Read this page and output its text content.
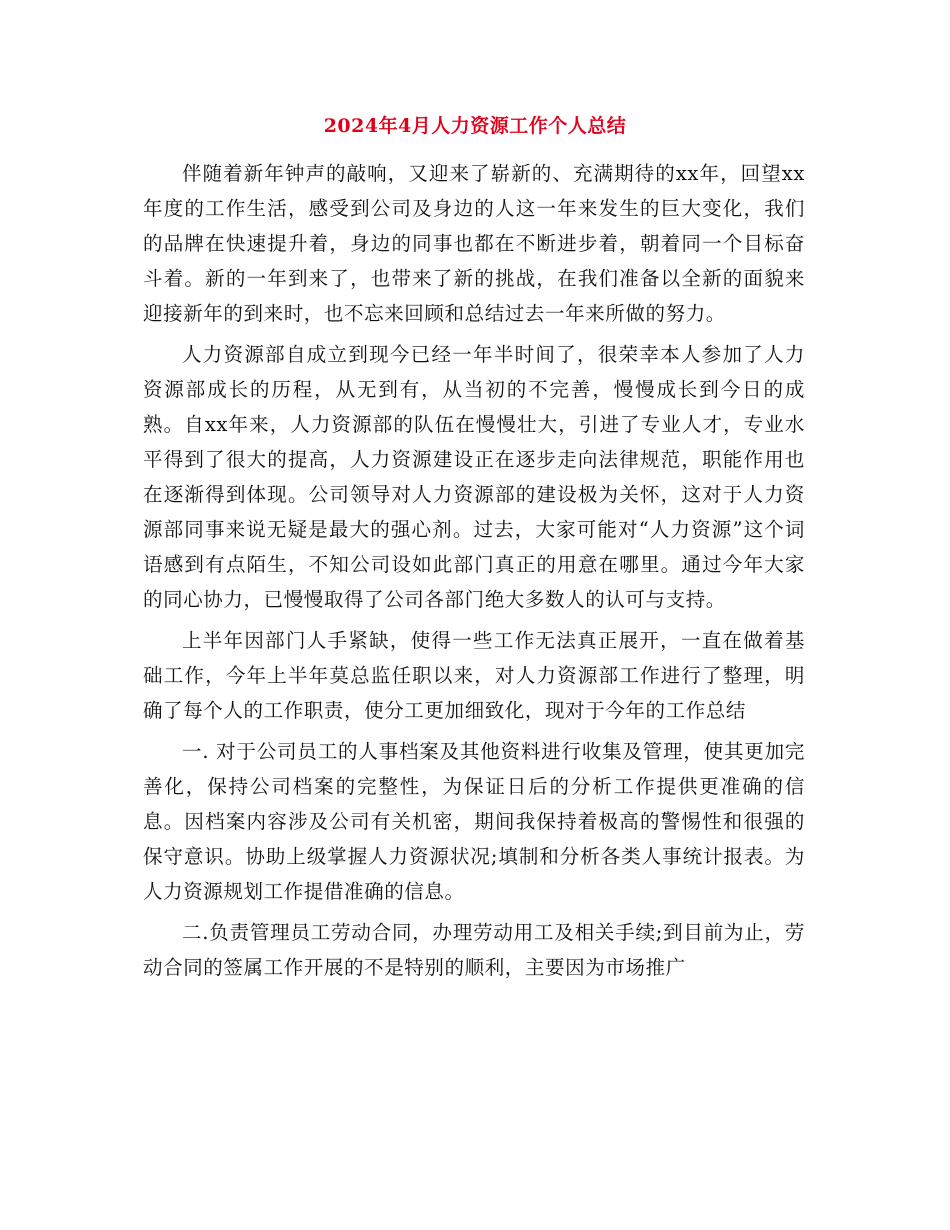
2024年4月人力资源工作个人总结

伴随着新年钟声的敲响，又迎来了崭新的、充满期待的xx年，回望xx年度的工作生活，感受到公司及身边的人这一年来发生的巨大变化，我们的品牌在快速提升着，身边的同事也都在不断进步着，朝着同一个目标奋斗着。新的一年到来了，也带来了新的挑战，在我们准备以全新的面貌来迎接新年的到来时，也不忘来回顾和总结过去一年来所做的努力。

人力资源部自成立到现今已经一年半时间了，很荣幸本人参加了人力资源部成长的历程，从无到有，从当初的不完善，慢慢成长到今日的成熟。自xx年来，人力资源部的队伍在慢慢壮大，引进了专业人才，专业水平得到了很大的提高，人力资源建设正在逐步走向法律规范，职能作用也在逐渐得到体现。公司领导对人力资源部的建设极为关怀，这对于人力资源部同事来说无疑是最大的强心剂。过去，大家可能对“人力资源”这个词语感到有点陌生，不知公司设如此部门真正的用意在哪里。通过今年大家的同心协力，已慢慢取得了公司各部门绝大多数人的认可与支持。

上半年因部门人手紧缺，使得一些工作无法真正展开，一直在做着基础工作，今年上半年莫总监任职以来，对人力资源部工作进行了整理，明确了每个人的工作职责，使分工更加细致化，现对于今年的工作总结

一. 对于公司员工的人事档案及其他资料进行收集及管理，使其更加完善化，保持公司档案的完整性，为保证日后的分析工作提供更准确的信息。因档案内容涉及公司有关机密，期间我保持着极高的警惕性和很强的保守意识。协助上级掌握人力资源状况;填制和分析各类人事统计报表。为人力资源规划工作提借准确的信息。

二.负责管理员工劳动合同，办理劳动用工及相关手续;到目前为止，劳动合同的签属工作开展的不是特别的顺利，主要因为市场推广
